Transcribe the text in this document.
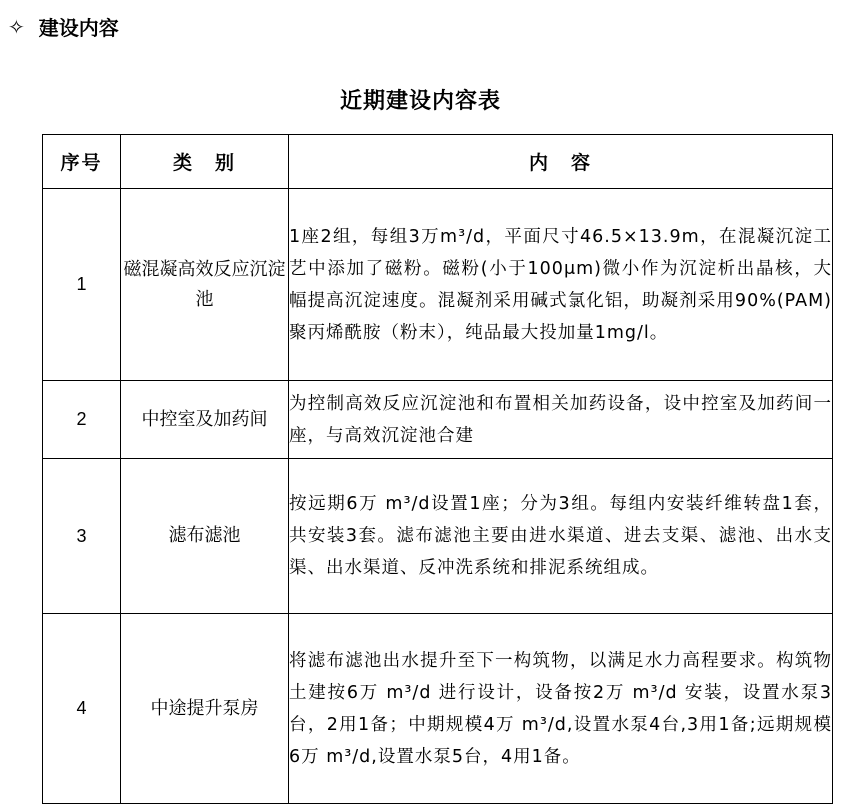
✧ 建设内容
近期建设内容表
序号	类　别	内　容
1	磁混凝高效反应沉淀池	1座2组，每组3万m³/d，平面尺寸46.5×13.9m，在混凝沉淀工艺中添加了磁粉。磁粉(小于100μm)微小作为沉淀析出晶核，大幅提高沉淀速度。混凝剂采用碱式氯化铝，助凝剂采用90%(PAM)聚丙烯酰胺（粉末），纯品最大投加量1mg/l。
2	中控室及加药间	为控制高效反应沉淀池和布置相关加药设备，设中控室及加药间一座，与高效沉淀池合建
3	滤布滤池	按远期6万 m³/d设置1座；分为3组。每组内安装纤维转盘1套，共安装3套。滤布滤池主要由进水渠道、进去支渠、滤池、出水支渠、出水渠道、反冲洗系统和排泥系统组成。
4	中途提升泵房	将滤布滤池出水提升至下一构筑物，以满足水力高程要求。构筑物土建按6万 m³/d 进行设计，设备按2万 m³/d 安装，设置水泵3台，2用1备；中期规模4万 m³/d,设置水泵4台,3用1备;远期规模6万 m³/d,设置水泵5台，4用1备。
